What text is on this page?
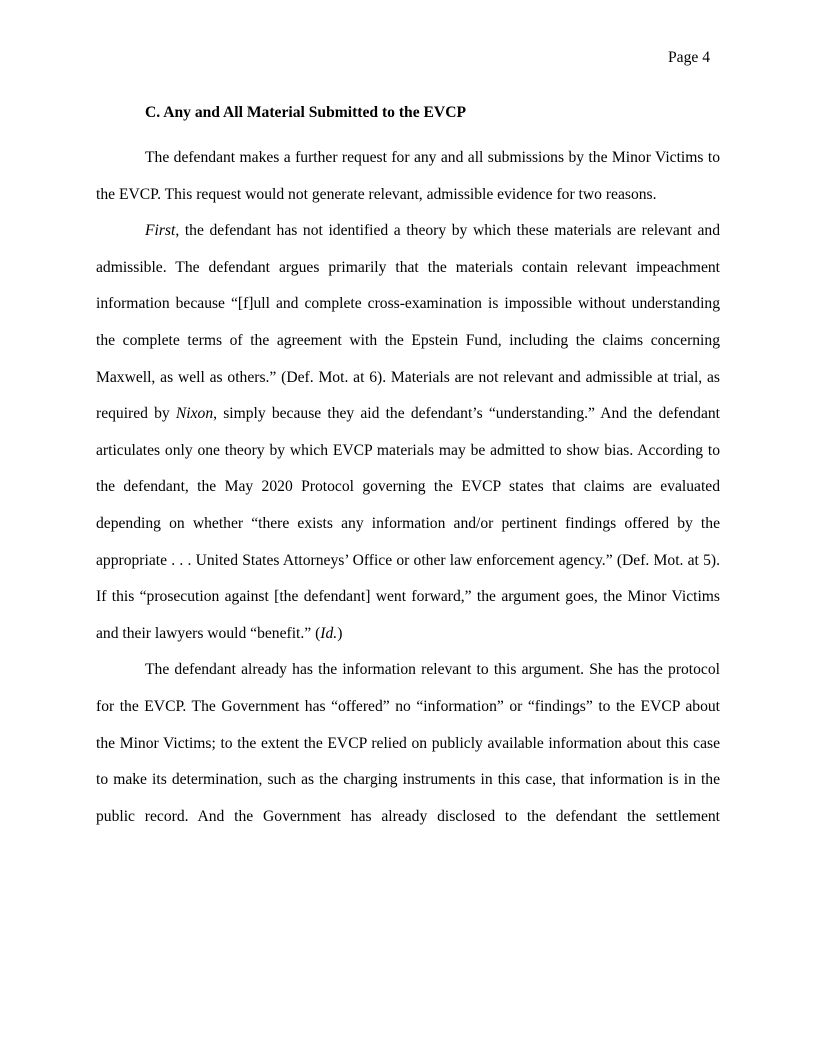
Page 4
C. Any and All Material Submitted to the EVCP

The defendant makes a further request for any and all submissions by the Minor Victims to the EVCP. This request would not generate relevant, admissible evidence for two reasons.

First, the defendant has not identified a theory by which these materials are relevant and admissible. The defendant argues primarily that the materials contain relevant impeachment information because “[f]ull and complete cross-examination is impossible without understanding the complete terms of the agreement with the Epstein Fund, including the claims concerning Maxwell, as well as others.” (Def. Mot. at 6). Materials are not relevant and admissible at trial, as required by Nixon, simply because they aid the defendant’s “understanding.” And the defendant articulates only one theory by which EVCP materials may be admitted to show bias. According to the defendant, the May 2020 Protocol governing the EVCP states that claims are evaluated depending on whether “there exists any information and/or pertinent findings offered by the appropriate . . . United States Attorneys’ Office or other law enforcement agency.” (Def. Mot. at 5). If this “prosecution against [the defendant] went forward,” the argument goes, the Minor Victims and their lawyers would “benefit.” (Id.)

The defendant already has the information relevant to this argument. She has the protocol for the EVCP. The Government has “offered” no “information” or “findings” to the EVCP about the Minor Victims; to the extent the EVCP relied on publicly available information about this case to make its determination, such as the charging instruments in this case, that information is in the public record. And the Government has already disclosed to the defendant the settlement
